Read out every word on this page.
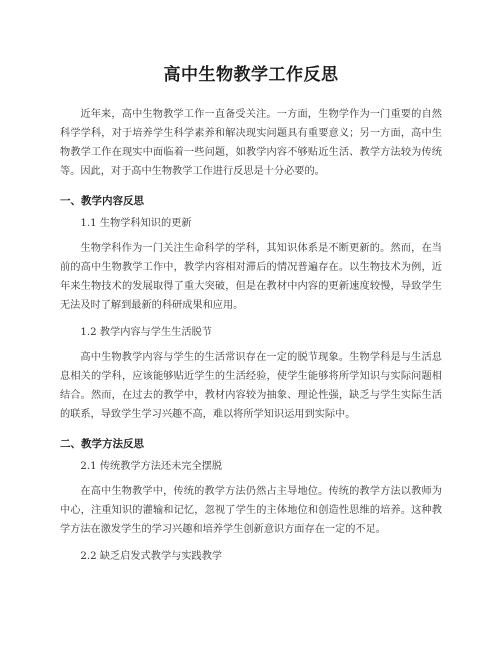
高中生物教学工作反思

近年来，高中生物教学工作一直备受关注。一方面，生物学作为一门重要的自然科学学科，对于培养学生科学素养和解决现实问题具有重要意义；另一方面，高中生物教学工作在现实中面临着一些问题，如教学内容不够贴近生活、教学方法较为传统等。因此，对于高中生物教学工作进行反思是十分必要的。

一、教学内容反思
1.1 生物学科知识的更新

生物学科作为一门关注生命科学的学科，其知识体系是不断更新的。然而，在当前的高中生物教学工作中，教学内容相对滞后的情况普遍存在。以生物技术为例，近年来生物技术的发展取得了重大突破，但是在教材中内容的更新速度较慢，导致学生无法及时了解到最新的科研成果和应用。

1.2 教学内容与学生生活脱节

高中生物教学内容与学生的生活常识存在一定的脱节现象。生物学科是与生活息息相关的学科，应该能够贴近学生的生活经验，使学生能够将所学知识与实际问题相结合。然而，在过去的教学中，教材内容较为抽象、理论性强，缺乏与学生实际生活的联系，导致学生学习兴趣不高，难以将所学知识运用到实际中。

二、教学方法反思
2.1 传统教学方法还未完全摆脱

在高中生物教学中，传统的教学方法仍然占主导地位。传统的教学方法以教师为中心，注重知识的灌输和记忆，忽视了学生的主体地位和创造性思维的培养。这种教学方法在激发学生的学习兴趣和培养学生创新意识方面存在一定的不足。

2.2 缺乏启发式教学与实践教学
